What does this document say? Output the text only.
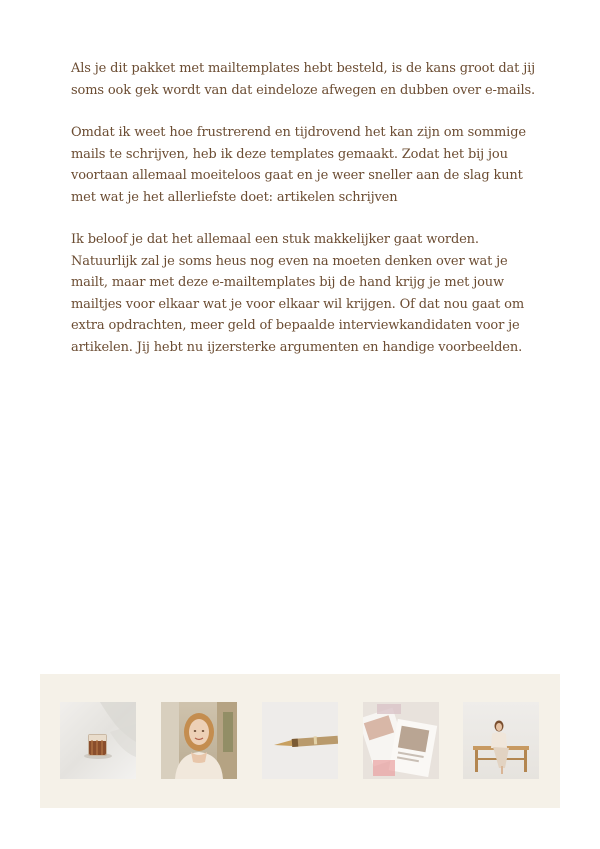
Als je dit pakket met mailtemplates hebt besteld, is de kans groot dat jij soms ook gek wordt van dat eindeloze afwegen en dubben over e-mails.

Omdat ik weet hoe frustrerend en tijdrovend het kan zijn om sommige mails te schrijven, heb ik deze templates gemaakt. Zodat het bij jou voortaan allemaal moeiteloos gaat en je weer sneller aan de slag kunt met wat je het allerliefste doet: artikelen schrijven

Ik beloof je dat het allemaal een stuk makkelijker gaat worden. Natuurlijk zal je soms heus nog even na moeten denken over wat je mailt, maar met deze e-mailtemplates bij de hand krijg je met jouw mailtjes voor elkaar wat je voor elkaar wil krijgen. Of dat nou gaat om extra opdrachten, meer geld of bepaalde interviewkandidaten voor je artikelen. Jij hebt nu ijzersterke argumenten en handige voorbeelden.
